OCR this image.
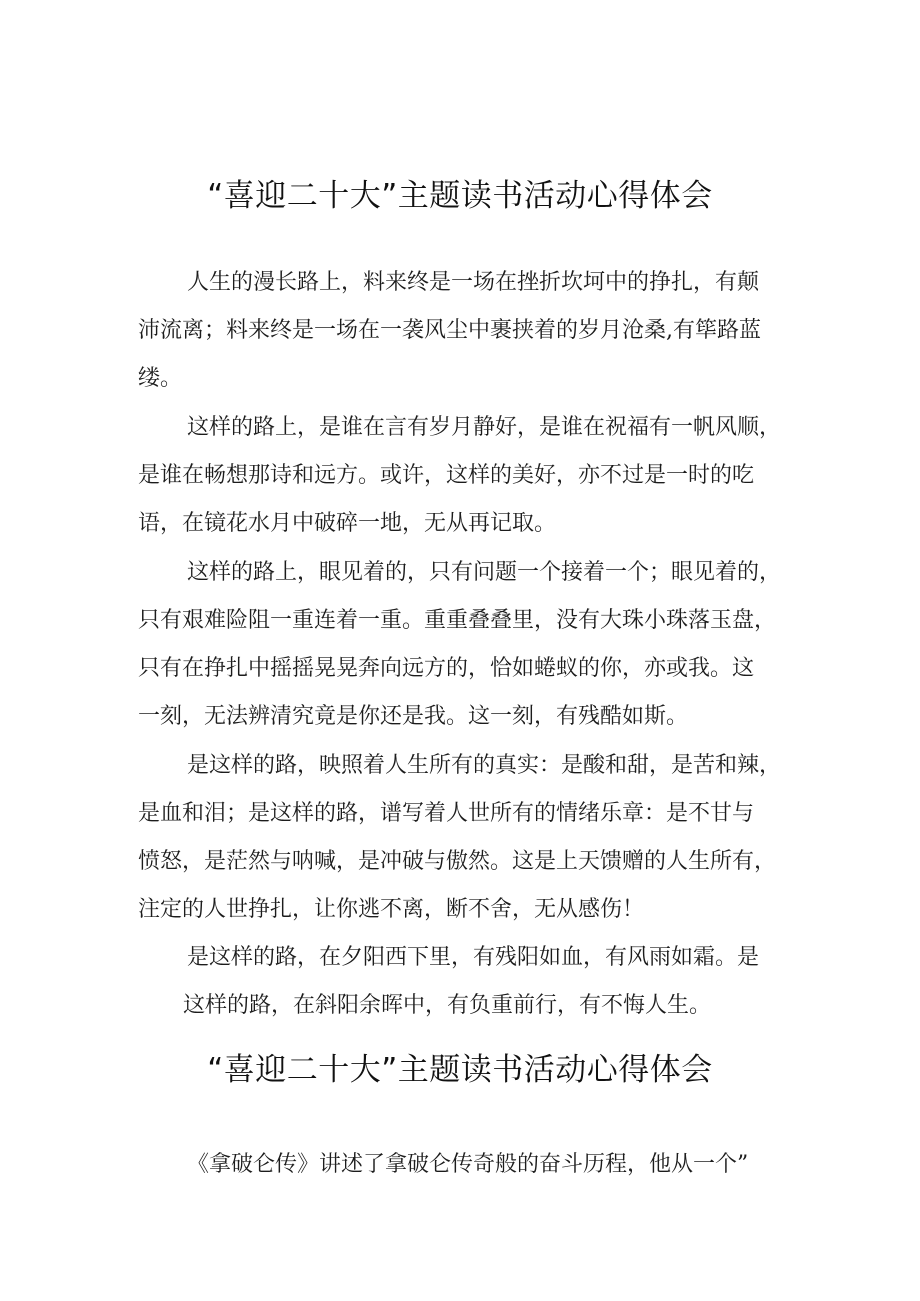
“喜迎二十大”主题读书活动心得体会
人生的漫长路上，料来终是一场在挫折坎坷中的挣扎，有颠
沛流离；料来终是一场在一袭风尘中裹挟着的岁月沧桑,有筚路蓝
缕。
这样的路上，是谁在言有岁月静好，是谁在祝福有一帆风顺，
是谁在畅想那诗和远方。或许，这样的美好，亦不过是一时的吃
语，在镜花水月中破碎一地，无从再记取。
这样的路上，眼见着的，只有问题一个接着一个；眼见着的，
只有艰难险阻一重连着一重。重重叠叠里，没有大珠小珠落玉盘，
只有在挣扎中摇摇晃晃奔向远方的，恰如蜷蚁的你，亦或我。这
一刻，无法辨清究竟是你还是我。这一刻，有残酷如斯。
是这样的路，映照着人生所有的真实：是酸和甜，是苦和辣，
是血和泪；是这样的路，谱写着人世所有的情绪乐章：是不甘与
愤怒，是茫然与呐喊，是冲破与傲然。这是上天馈赠的人生所有，
注定的人世挣扎，让你逃不离，断不舍，无从感伤！
是这样的路，在夕阳西下里，有残阳如血，有风雨如霜。是
这样的路，在斜阳余晖中，有负重前行，有不悔人生。
“喜迎二十大”主题读书活动心得体会
《拿破仑传》讲述了拿破仑传奇般的奋斗历程，他从一个”
